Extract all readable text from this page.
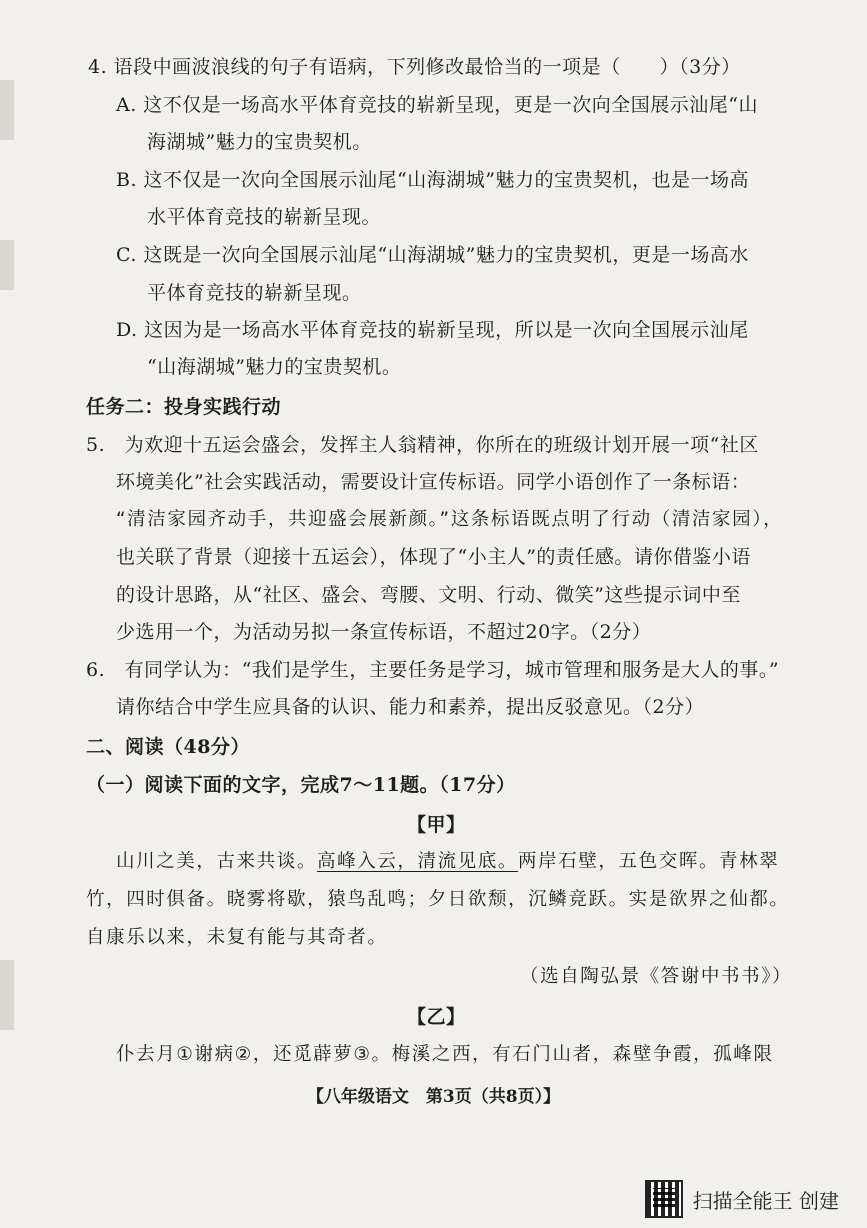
4. 语段中画波浪线的句子有语病，下列修改最恰当的一项是（　　）（3分）
A. 这不仅是一场高水平体育竞技的崭新呈现，更是一次向全国展示汕尾“山
海湖城”魅力的宝贵契机。
B. 这不仅是一次向全国展示汕尾“山海湖城”魅力的宝贵契机，也是一场高
水平体育竞技的崭新呈现。
C. 这既是一次向全国展示汕尾“山海湖城”魅力的宝贵契机，更是一场高水
平体育竞技的崭新呈现。
D. 这因为是一场高水平体育竞技的崭新呈现，所以是一次向全国展示汕尾
“山海湖城”魅力的宝贵契机。
任务二：投身实践行动
5.　为欢迎十五运会盛会，发挥主人翁精神，你所在的班级计划开展一项“社区
环境美化”社会实践活动，需要设计宣传标语。同学小语创作了一条标语：
“清洁家园齐动手，共迎盛会展新颜。”这条标语既点明了行动（清洁家园），
也关联了背景（迎接十五运会），体现了“小主人”的责任感。请你借鉴小语
的设计思路，从“社区、盛会、弯腰、文明、行动、微笑”这些提示词中至
少选用一个，为活动另拟一条宣传标语，不超过20字。（2分）
6.　有同学认为：“我们是学生，主要任务是学习，城市管理和服务是大人的事。”
请你结合中学生应具备的认识、能力和素养，提出反驳意见。（2分）
二、阅读（48分）
（一）阅读下面的文字，完成7～11题。（17分）
【甲】
山川之美，古来共谈。高峰入云，清流见底。两岸石壁，五色交晖。青林翠
竹，四时俱备。晓雾将歇，猿鸟乱鸣；夕日欲颓，沉鳞竞跃。实是欲界之仙都。
自康乐以来，未复有能与其奇者。
（选自陶弘景《答谢中书书》）
【乙】
仆去月①谢病②，还觅薜萝③。梅溪之西，有石门山者，森壁争霞，孤峰限
【八年级语文　第3页（共8页）】
扫描全能王 创建
